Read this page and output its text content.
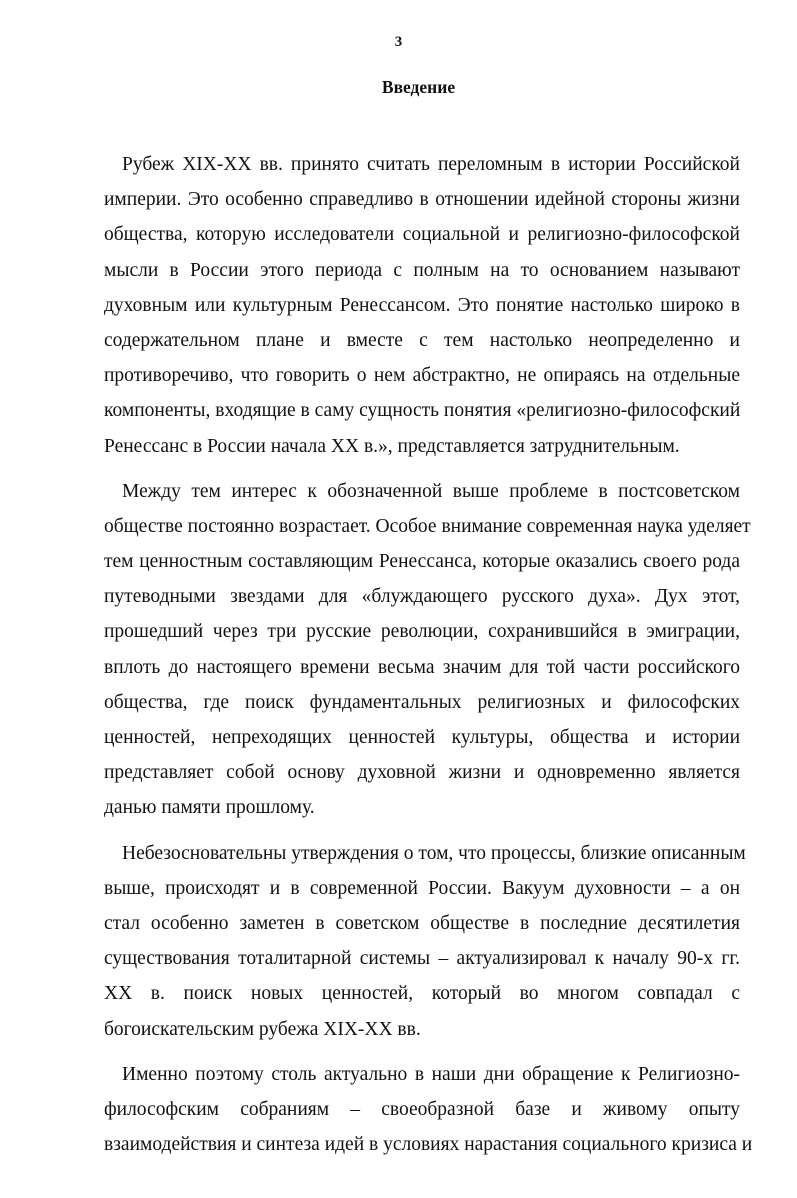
3
Введение
Рубеж XIX-XX вв. принято считать переломным в истории Российской
империи. Это особенно справедливо в отношении идейной стороны жизни
общества, которую исследователи социальной и религиозно-философской
мысли в России этого периода с полным на то основанием называют
духовным или культурным Ренессансом. Это понятие настолько широко в
содержательном плане и вместе с тем настолько неопределенно и
противоречиво, что говорить о нем абстрактно, не опираясь на отдельные
компоненты, входящие в саму сущность понятия «религиозно-философский
Ренессанс в России начала XX в.», представляется затруднительным.
Между тем интерес к обозначенной выше проблеме в постсоветском
обществе постоянно возрастает. Особое внимание современная наука уделяет
тем ценностным составляющим Ренессанса, которые оказались своего рода
путеводными звездами для «блуждающего русского духа». Дух этот,
прошедший через три русские революции, сохранившийся в эмиграции,
вплоть до настоящего времени весьма значим для той части российского
общества, где поиск фундаментальных религиозных и философских
ценностей, непреходящих ценностей культуры, общества и истории
представляет собой основу духовной жизни и одновременно является
данью памяти прошлому.
Небезосновательны утверждения о том, что процессы, близкие описанным
выше, происходят и в современной России. Вакуум духовности – а он
стал особенно заметен в советском обществе в последние десятилетия
существования тоталитарной системы – актуализировал к началу 90-х гг.
XX в. поиск новых ценностей, который во многом совпадал с
богоискательским рубежа XIX-XX вв.
Именно поэтому столь актуально в наши дни обращение к Религиозно-
философским собраниям – своеобразной базе и живому опыту
взаимодействия и синтеза идей в условиях нарастания социального кризиса и
